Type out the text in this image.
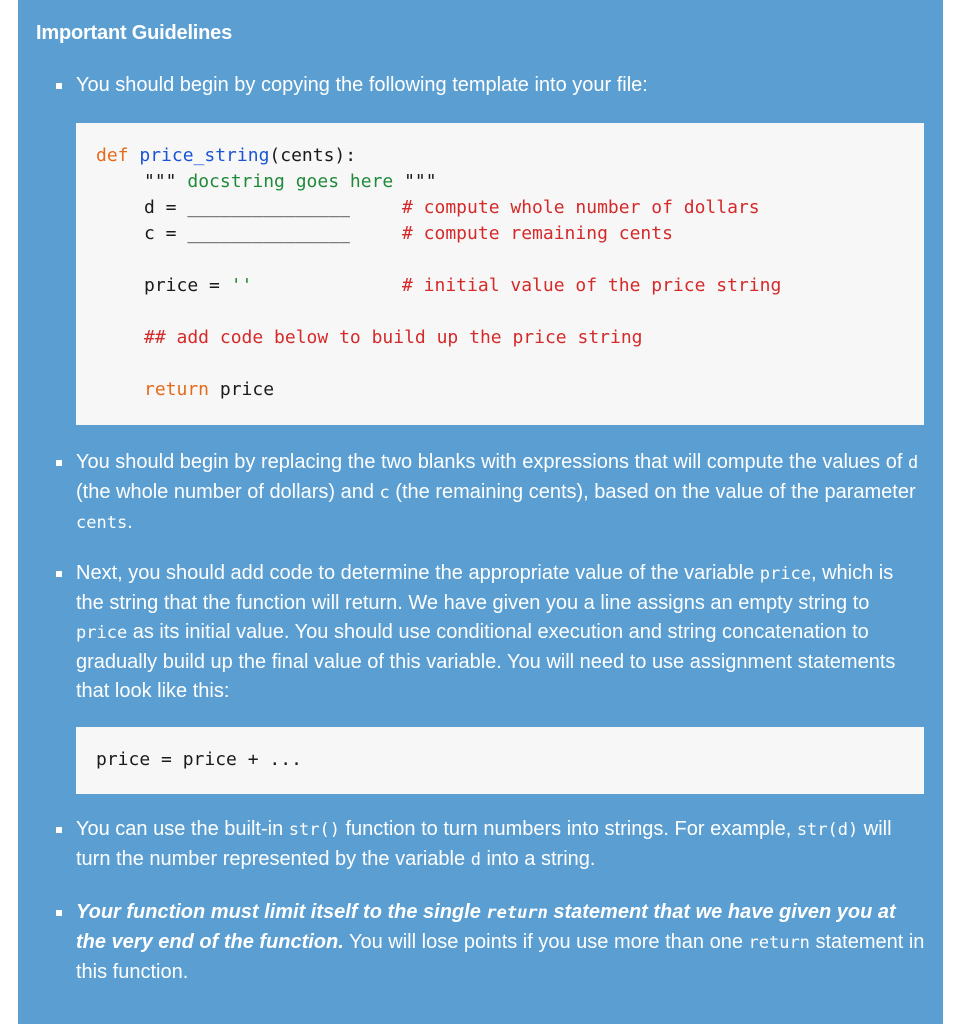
Important Guidelines
You should begin by copying the following template into your file:
def price_string(cents):
""" docstring goes here """
d = _______________	# compute whole number of dollars
c = _______________	# compute remaining cents
price = ''	# initial value of the price string
## add code below to build up the price string
return price
You should begin by replacing the two blanks with expressions that will compute the values of d (the whole number of dollars) and c (the remaining cents), based on the value of the parameter cents.
Next, you should add code to determine the appropriate value of the variable price, which is the string that the function will return. We have given you a line assigns an empty string to price as its initial value. You should use conditional execution and string concatenation to gradually build up the final value of this variable. You will need to use assignment statements that look like this:
price = price + ...
You can use the built-in str() function to turn numbers into strings. For example, str(d) will turn the number represented by the variable d into a string.
Your function must limit itself to the single return statement that we have given you at the very end of the function. You will lose points if you use more than one return statement in this function.
